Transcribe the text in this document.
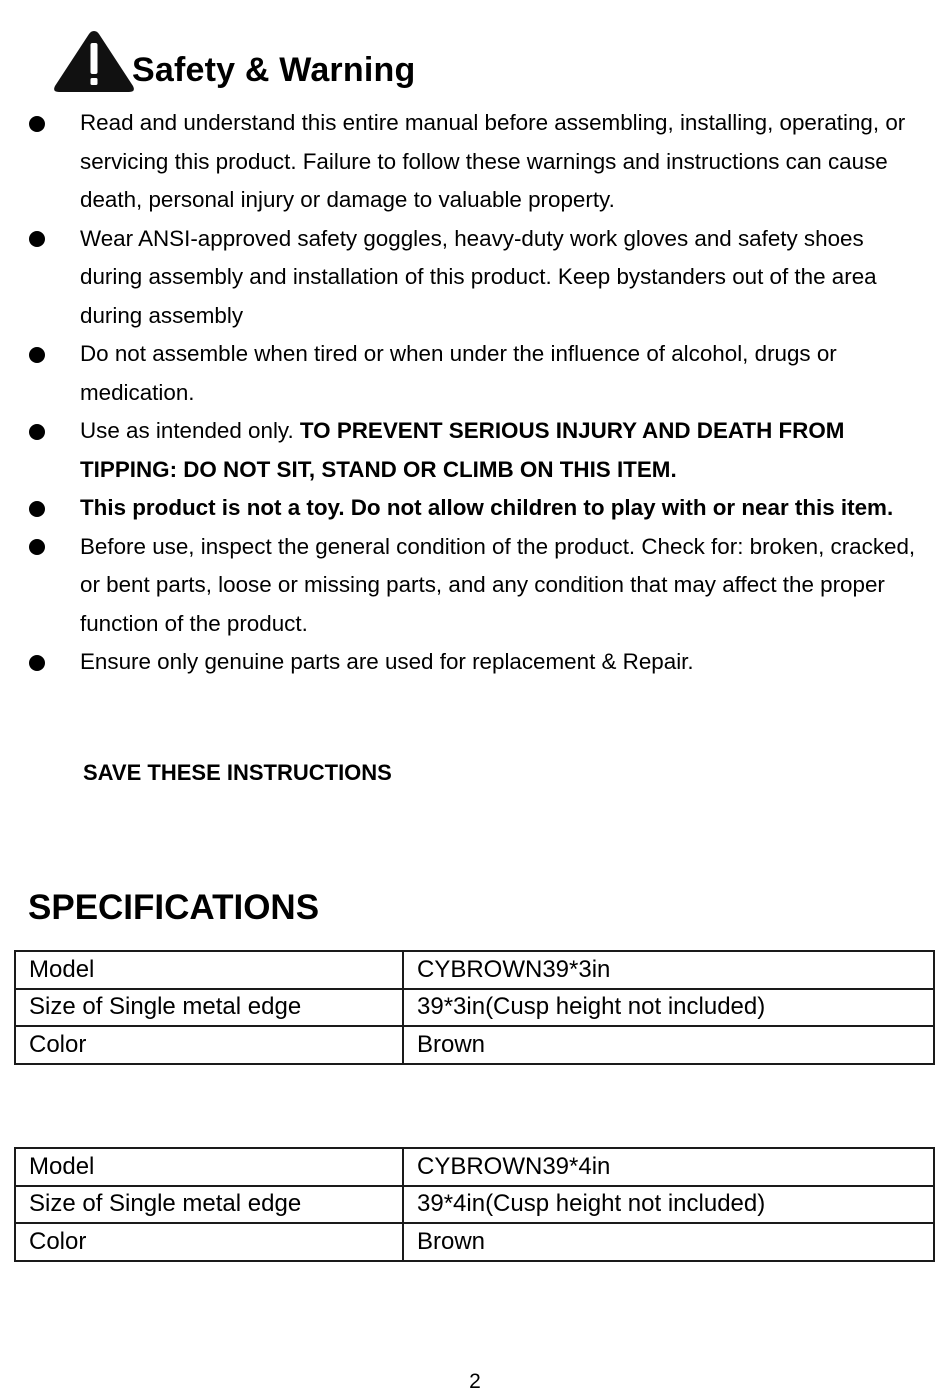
Safety & Warning
Read and understand this entire manual before assembling, installing, operating, or servicing this product. Failure to follow these warnings and instructions can cause death, personal injury or damage to valuable property.
Wear ANSI-approved safety goggles, heavy-duty work gloves and safety shoes during assembly and installation of this product. Keep bystanders out of the area during assembly
Do not assemble when tired or when under the influence of alcohol, drugs or medication.
Use as intended only. TO PREVENT SERIOUS INJURY AND DEATH FROM TIPPING: DO NOT SIT, STAND OR CLIMB ON THIS ITEM.
This product is not a toy. Do not allow children to play with or near this item.
Before use, inspect the general condition of the product. Check for: broken, cracked, or bent parts, loose or missing parts, and any condition that may affect the proper function of the product.
Ensure only genuine parts are used for replacement & Repair.
SAVE THESE INSTRUCTIONS
SPECIFICATIONS
Model	CYBROWN39*3in
Size of Single metal edge	39*3in(Cusp height not included)
Color	Brown
Model	CYBROWN39*4in
Size of Single metal edge	39*4in(Cusp height not included)
Color	Brown
2
